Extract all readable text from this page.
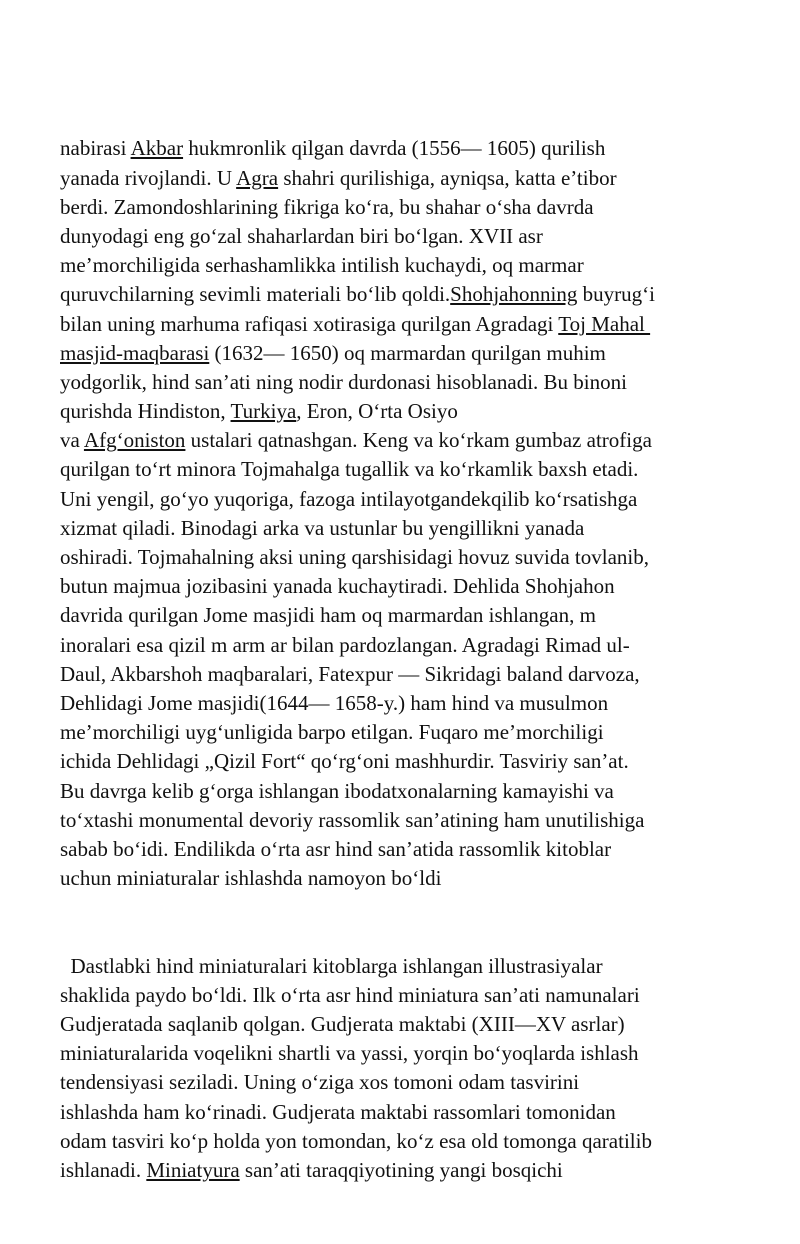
nabirasi Akbar hukmronlik qilgan davrda (1556— 1605) qurilish
yanada rivojlandi. U Agra shahri qurilishiga, ayniqsa, katta e’tibor
berdi. Zamondoshlarining fikriga ko‘ra, bu shahar o‘sha davrda
dunyodagi eng go‘zal shaharlardan biri bo‘lgan. XVII asr
me’morchiligida serhashamlikka intilish kuchaydi, oq marmar
quruvchilarning sevimli materiali bo‘lib qoldi.Shohjahonning buyrug‘i
bilan uning marhuma rafiqasi xotirasiga qurilgan Agradagi Toj Mahal
masjid-maqbarasi (1632— 1650) oq marmardan qurilgan muhim
yodgorlik, hind san’ati ning nodir durdonasi hisoblanadi. Bu binoni
qurishda Hindiston, Turkiya, Eron, O‘rta Osiyo
va Afg‘oniston ustalari qatnashgan. Keng va ko‘rkam gumbaz atrofiga
qurilgan to‘rt minora Tojmahalga tugallik va ko‘rkamlik baxsh etadi.
Uni yengil, go‘yo yuqoriga, fazoga intilayotgandekqilib ko‘rsatishga
xizmat qiladi. Binodagi arka va ustunlar bu yengillikni yanada
oshiradi. Tojmahalning aksi uning qarshisidagi hovuz suvida tovlanib,
butun majmua jozibasini yanada kuchaytiradi. Dehlida Shohjahon
davrida qurilgan Jome masjidi ham oq marmardan ishlangan, m
inoralari esa qizil m arm ar bilan pardozlangan. Agradagi Rimad ul-
Daul, Akbarshoh maqbaralari, Fatexpur — Sikridagi baland darvoza,
Dehlidagi Jome masjidi(1644— 1658-y.) ham hind va musulmon
me’morchiligi uyg‘unligida barpo etilgan. Fuqaro me’morchiligi
ichida Dehlidagi „Qizil Fort“ qo‘rg‘oni mashhurdir. Tasviriy san’at.
Bu davrga kelib g‘orga ishlangan ibodatxonalarning kamayishi va
to‘xtashi monumental devoriy rassomlik san’atining ham unutilishiga
sabab bo‘idi. Endilikda o‘rta asr hind san’atida rassomlik kitoblar
uchun miniaturalar ishlashda namoyon bo‘ldi

Dastlabki hind miniaturalari kitoblarga ishlangan illustrasiyalar
shaklida paydo bo‘ldi. Ilk o‘rta asr hind miniatura san’ati namunalari
Gudjeratada saqlanib qolgan. Gudjerata maktabi (XIII—XV asrlar)
miniaturalarida voqelikni shartli va yassi, yorqin bo‘yoqlarda ishlash
tendensiyasi seziladi. Uning o‘ziga xos tomoni odam tasvirini
ishlashda ham ko‘rinadi. Gudjerata maktabi rassomlari tomonidan
odam tasviri ko‘p holda yon tomondan, ko‘z esa old tomonga qaratilib
ishlanadi. Miniatyura san’ati taraqqiyotining yangi bosqichi
